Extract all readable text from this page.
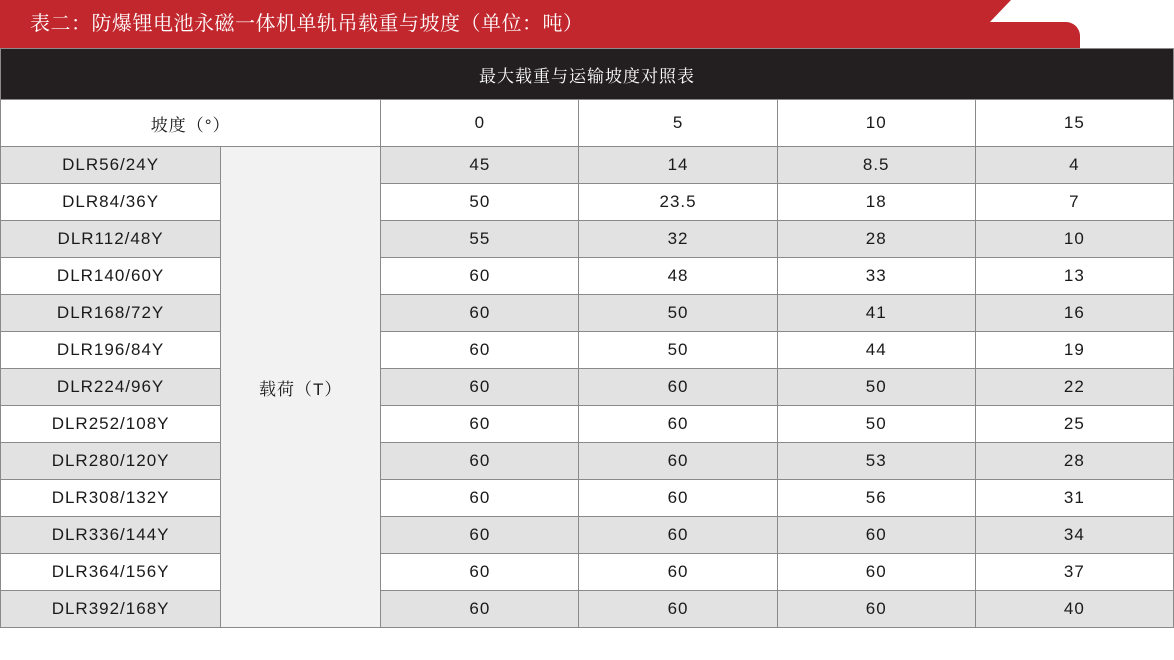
表二：防爆锂电池永磁一体机单轨吊载重与坡度（单位：吨）
最大载重与运输坡度对照表					
坡度（°）		0	5	10	15
DLR56/24Y	载荷（T）	45	14	8.5	4
DLR84/36Y		50	23.5	18	7
DLR112/48Y		55	32	28	10
DLR140/60Y		60	48	33	13
DLR168/72Y		60	50	41	16
DLR196/84Y		60	50	44	19
DLR224/96Y		60	60	50	22
DLR252/108Y		60	60	50	25
DLR280/120Y		60	60	53	28
DLR308/132Y		60	60	56	31
DLR336/144Y		60	60	60	34
DLR364/156Y		60	60	60	37
DLR392/168Y		60	60	60	40
